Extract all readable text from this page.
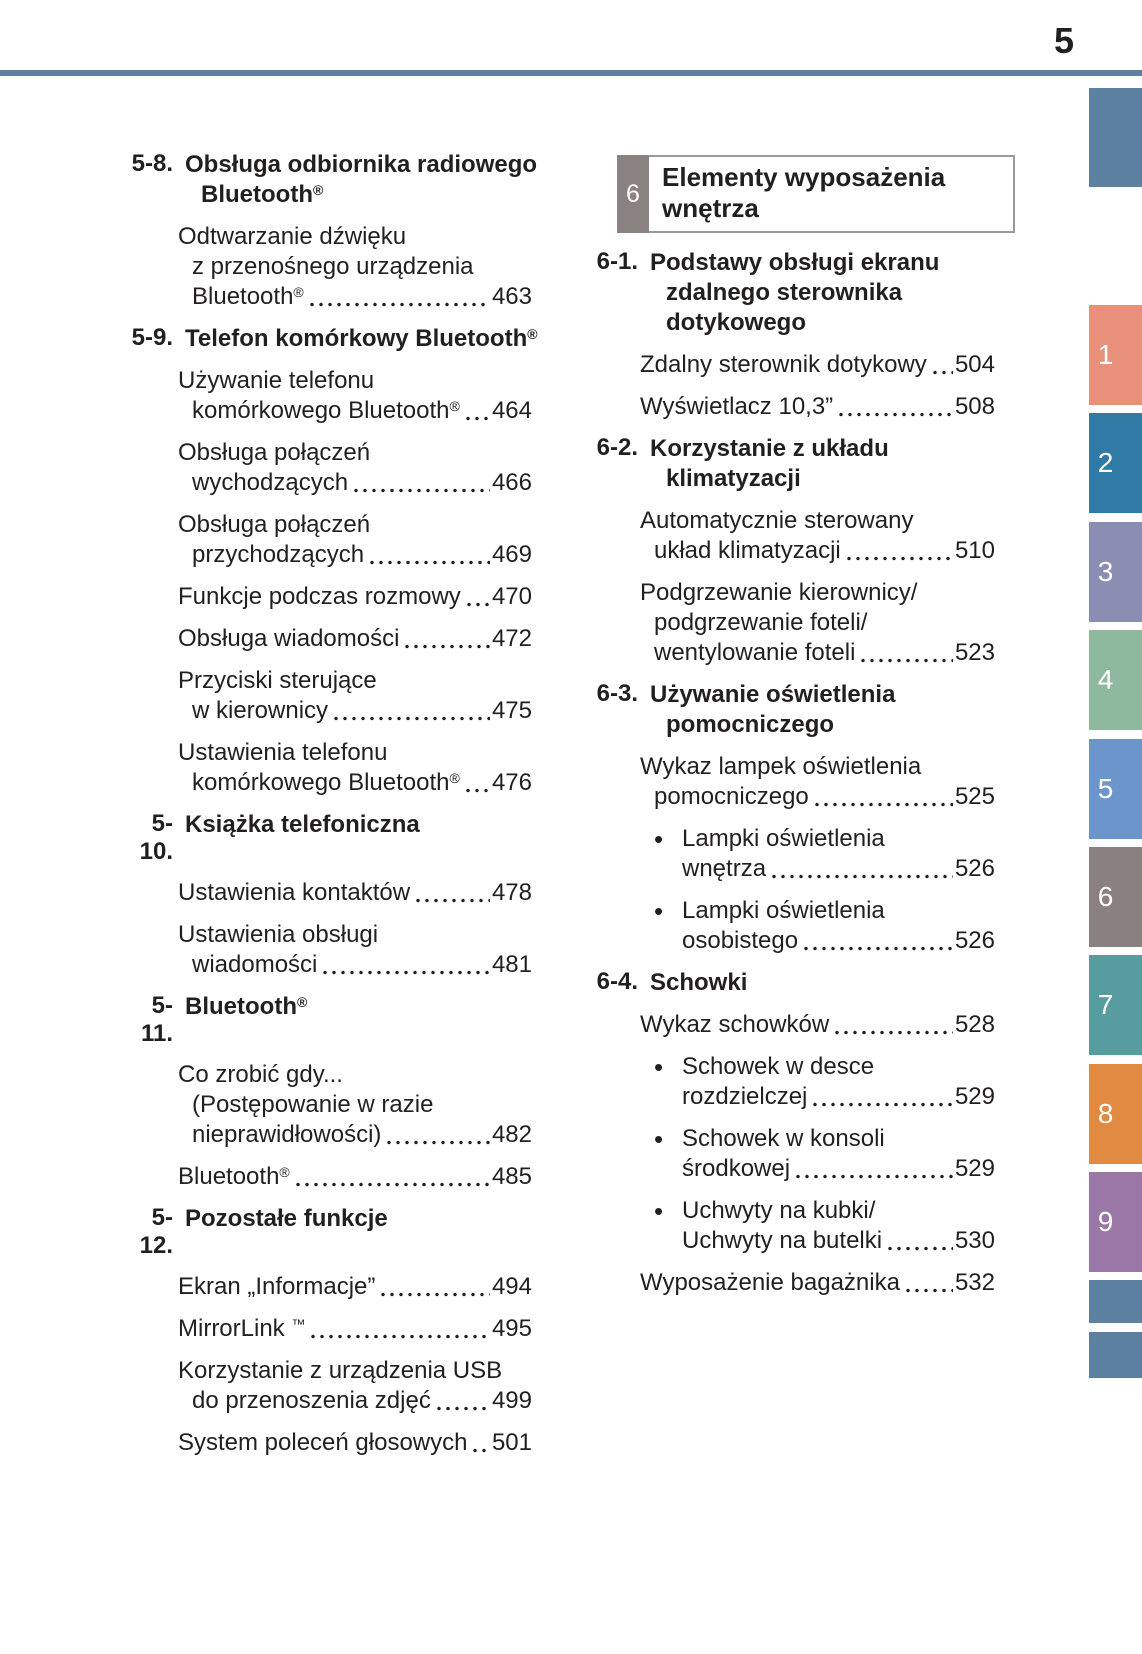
5
6
Elementy wyposażenia
wnętrza
5-8. Obsługa odbiornika radiowego
Bluetooth®
Odtwarzanie dźwięku
z przenośnego urządzenia
Bluetooth®	463
5-9. Telefon komórkowy Bluetooth®
Używanie telefonu
komórkowego Bluetooth® 464
Obsługa połączeń
wychodzących	466
Obsługa połączeń
przychodzących	469
Funkcje podczas rozmowy 470
Obsługa wiadomości	472
Przyciski sterujące
w kierownicy	475
Ustawienia telefonu
komórkowego Bluetooth® 476
5-10.
Książka telefoniczna
Ustawienia kontaktów	478
Ustawienia obsługi
wiadomości	481
5-11.
Bluetooth®
Co zrobić gdy...
(Postępowanie w razie
nieprawidłowości)	482
Bluetooth®	485
5-12.
Pozostałe funkcje
Ekran „Informacje”	494
MirrorLink ™	495
Korzystanie z urządzenia USB
do przenoszenia zdjęć	499
System poleceń głosowych 501
6-1. Podstawy obsługi ekranu
zdalnego sterownika
dotykowego
Zdalny sterownik dotykowy 504
Wyświetlacz 10,3”	508
6-2. Korzystanie z układu
klimatyzacji
Automatycznie sterowany
układ klimatyzacji	510
Podgrzewanie kierownicy/
podgrzewanie foteli/
wentylowanie foteli	523
6-3. Używanie oświetlenia
pomocniczego
Wykaz lampek oświetlenia
pomocniczego	525
• Lampki oświetlenia
wnętrza	526
• Lampki oświetlenia
osobistego	526
6-4. Schowki
Wykaz schowków	528
• Schowek w desce
rozdzielczej	529
• Schowek w konsoli
środkowej	529
• Uchwyty na kubki/
Uchwyty na butelki	530
Wyposażenie bagażnika 532
1
2
3
4
5
6
7
8
9
